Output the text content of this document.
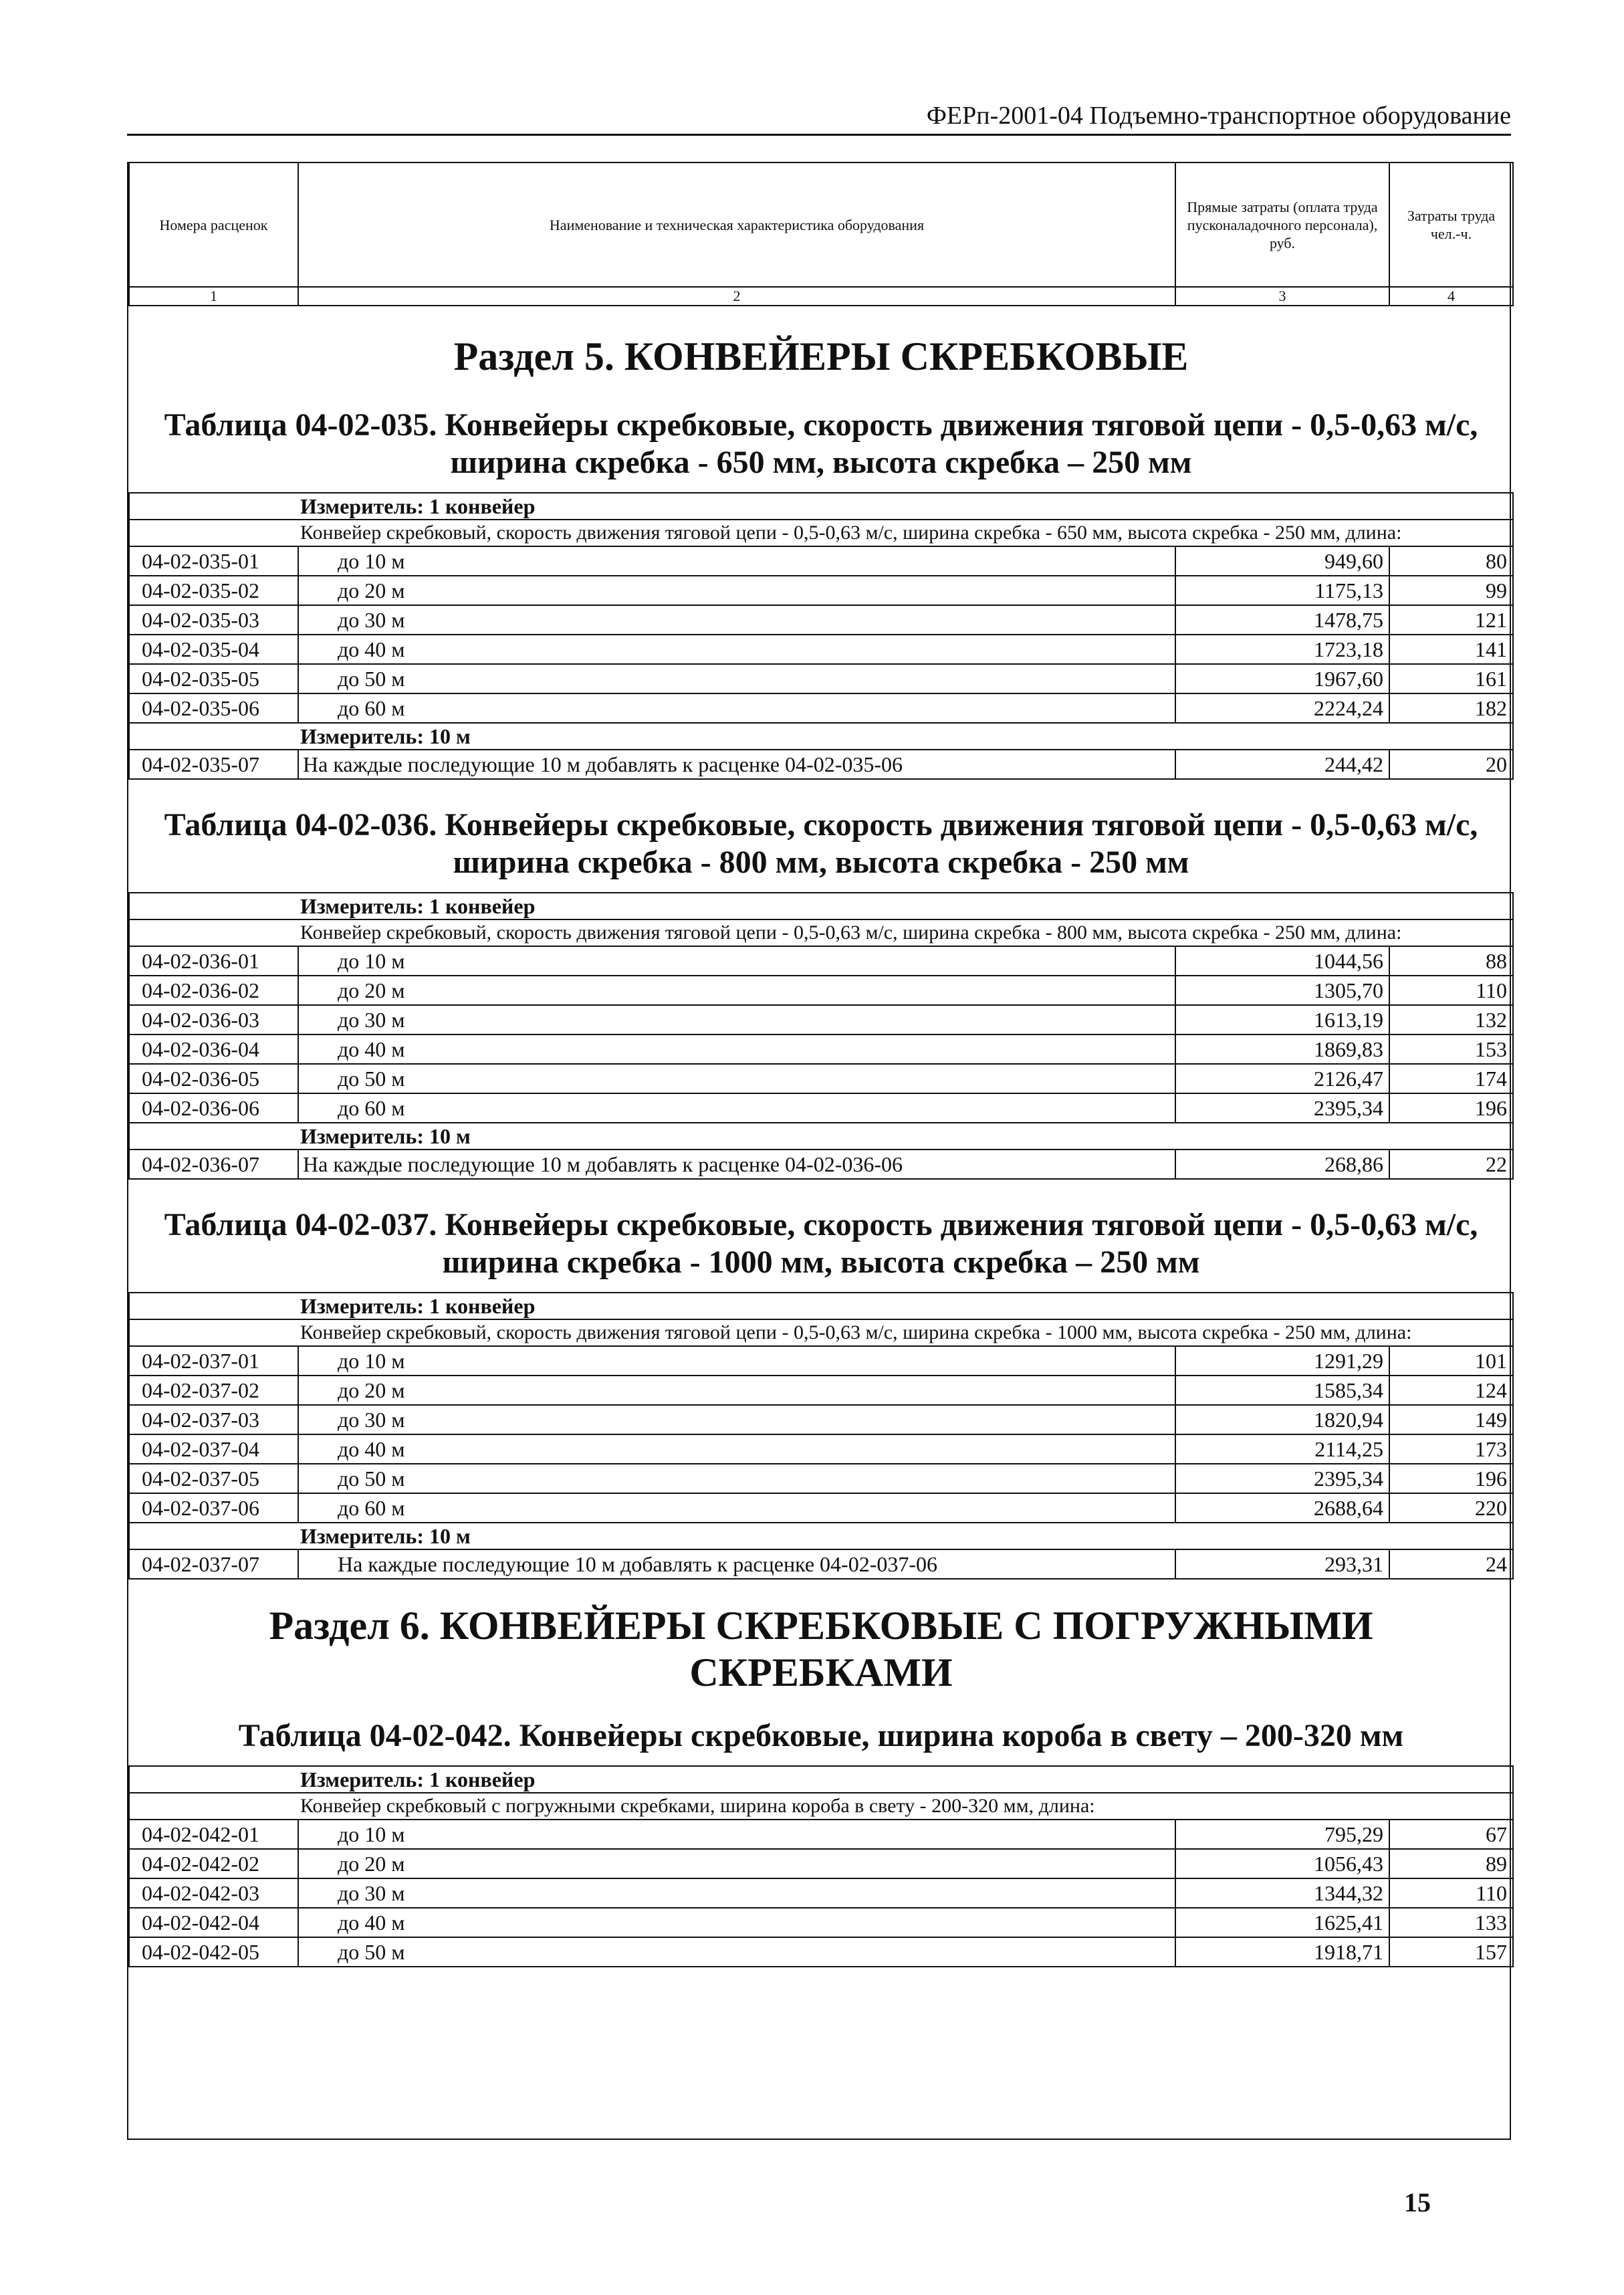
ФЕРп-2001-04 Подъемно-транспортное оборудование
Номера расценок	Наименование и техническая характеристика оборудования	Прямые затраты (оплата труда пусконаладочного персонала), руб.	Затраты труда чел.-ч.
1	2	3	4
Раздел 5. КОНВЕЙЕРЫ СКРЕБКОВЫЕ			
Таблица 04-02-035. Конвейеры скребковые, скорость движения тяговой цепи - 0,5-0,63 м/с, ширина скребка - 650 мм, высота скребка – 250 мм			
Измеритель: 1 конвейер			
Конвейер скребковый, скорость движения тяговой цепи - 0,5-0,63 м/с, ширина скребка - 650 мм, высота скребка - 250 мм, длина:			
04-02-035-01	до 10 м	949,60	80
04-02-035-02	до 20 м	1175,13	99
04-02-035-03	до 30 м	1478,75	121
04-02-035-04	до 40 м	1723,18	141
04-02-035-05	до 50 м	1967,60	161
04-02-035-06	до 60 м	2224,24	182
Измеритель: 10 м			
04-02-035-07	На каждые последующие 10 м добавлять к расценке 04-02-035-06	244,42	20
Таблица 04-02-036. Конвейеры скребковые, скорость движения тяговой цепи - 0,5-0,63 м/с, ширина скребка - 800 мм, высота скребка - 250 мм			
Измеритель: 1 конвейер			
Конвейер скребковый, скорость движения тяговой цепи - 0,5-0,63 м/с, ширина скребка - 800 мм, высота скребка - 250 мм, длина:			
04-02-036-01	до 10 м	1044,56	88
04-02-036-02	до 20 м	1305,70	110
04-02-036-03	до 30 м	1613,19	132
04-02-036-04	до 40 м	1869,83	153
04-02-036-05	до 50 м	2126,47	174
04-02-036-06	до 60 м	2395,34	196
Измеритель: 10 м			
04-02-036-07	На каждые последующие 10 м добавлять к расценке 04-02-036-06	268,86	22
Таблица 04-02-037. Конвейеры скребковые, скорость движения тяговой цепи - 0,5-0,63 м/с, ширина скребка - 1000 мм, высота скребка – 250 мм			
Измеритель: 1 конвейер			
Конвейер скребковый, скорость движения тяговой цепи - 0,5-0,63 м/с, ширина скребка - 1000 мм, высота скребка - 250 мм, длина:			
04-02-037-01	до 10 м	1291,29	101
04-02-037-02	до 20 м	1585,34	124
04-02-037-03	до 30 м	1820,94	149
04-02-037-04	до 40 м	2114,25	173
04-02-037-05	до 50 м	2395,34	196
04-02-037-06	до 60 м	2688,64	220
Измеритель: 10 м			
04-02-037-07	На каждые последующие 10 м добавлять к расценке 04-02-037-06	293,31	24
Раздел 6. КОНВЕЙЕРЫ СКРЕБКОВЫЕ С ПОГРУЖНЫМИ СКРЕБКАМИ			
Таблица 04-02-042. Конвейеры скребковые, ширина короба в свету – 200-320 мм			
Измеритель: 1 конвейер			
Конвейер скребковый с погружными скребками, ширина короба в свету - 200-320 мм, длина:			
04-02-042-01	до 10 м	795,29	67
04-02-042-02	до 20 м	1056,43	89
04-02-042-03	до 30 м	1344,32	110
04-02-042-04	до 40 м	1625,41	133
04-02-042-05	до 50 м	1918,71	157
15
